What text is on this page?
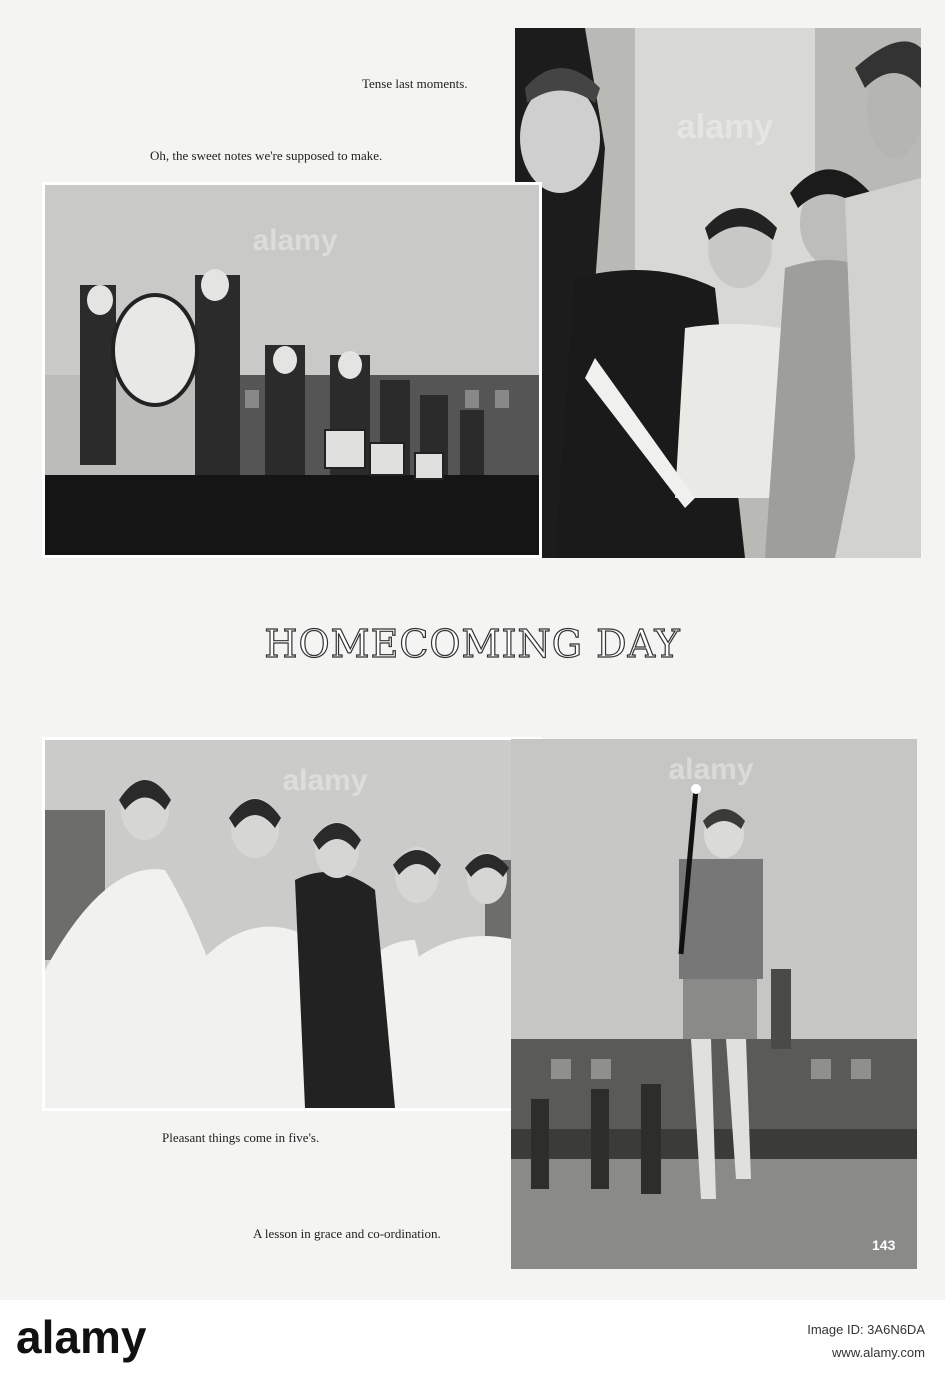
alamy
alamy
Tense last moments.
Oh, the sweet notes we're supposed to make.
HOMECOMING DAY
alamy	alamy
Pleasant things come in five's.
A lesson in grace and co-ordination.
143
alamy	Image ID: 3A6N6DA
www.alamy.com
